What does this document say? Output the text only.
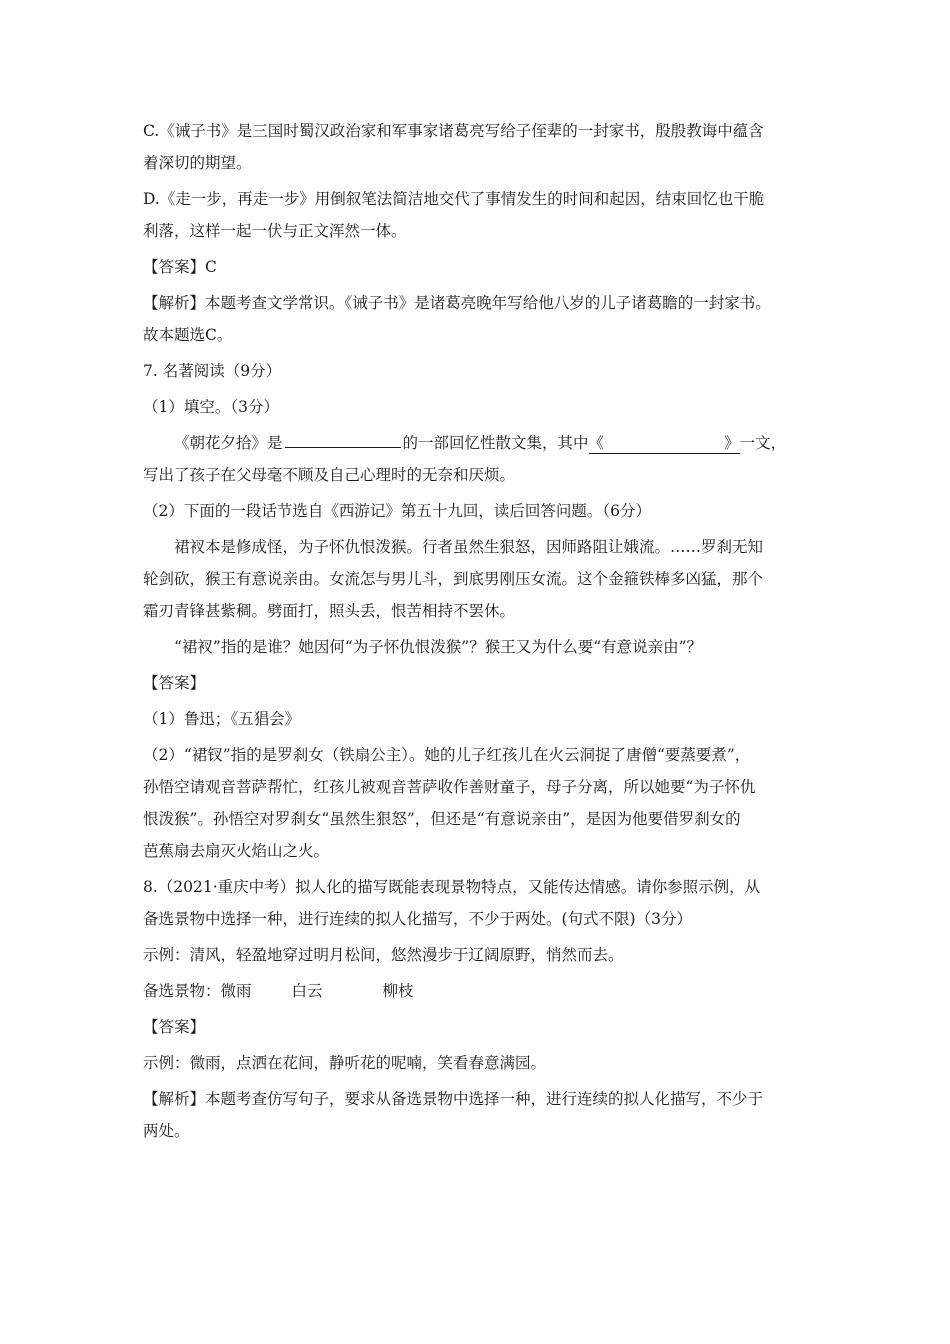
C.《诫子书》是三国时蜀汉政治家和军事家诸葛亮写给子侄辈的一封家书，殷殷教诲中蕴含
着深切的期望。
D.《走一步，再走一步》用倒叙笔法简洁地交代了事情发生的时间和起因，结束回忆也干脆
利落，这样一起一伏与正文浑然一体。
【答案】C
【解析】本题考查文学常识。《诫子书》是诸葛亮晚年写给他八岁的儿子诸葛瞻的一封家书。
故本题选C。
7. 名著阅读（9分）
（1）填空。（3分）
《朝花夕拾》是	的一部回忆性散文集，其中《	》一文，
写出了孩子在父母毫不顾及自己心理时的无奈和厌烦。
（2）下面的一段话节选自《西游记》第五十九回，读后回答问题。（6分）
裙衩本是修成怪，为子怀仇恨泼猴。行者虽然生狠怒，因师路阻让娥流。……罗刹无知
轮剑砍，猴王有意说亲由。女流怎与男儿斗，到底男刚压女流。这个金箍铁棒多凶猛，那个
霜刃青锋甚紫稠。劈面打，照头丢，恨苦相持不罢休。
“裙衩”指的是谁？她因何“为子怀仇恨泼猴”？猴王又为什么要“有意说亲由”？
【答案】
（1）鲁迅；《五猖会》
（2）“裙钗”指的是罗刹女（铁扇公主）。她的儿子红孩儿在火云洞捉了唐僧“要蒸要煮”，
孙悟空请观音菩萨帮忙，红孩儿被观音菩萨收作善财童子，母子分离，所以她要“为子怀仇
恨泼猴”。孙悟空对罗刹女“虽然生狠怒”，但还是“有意说亲由”，是因为他要借罗刹女的
芭蕉扇去扇灭火焰山之火。
8.（2021·重庆中考）拟人化的描写既能表现景物特点，又能传达情感。请你参照示例，从
备选景物中选择一种，进行连续的拟人化描写，不少于两处。(句式不限)（3分）
示例：清风，轻盈地穿过明月松间，悠然漫步于辽阔原野，悄然而去。
备选景物：微雨	白云	柳枝
【答案】
示例：微雨，点洒在花间，静听花的呢喃，笑看春意满园。
【解析】本题考查仿写句子，要求从备选景物中选择一种，进行连续的拟人化描写，不少于
两处。
